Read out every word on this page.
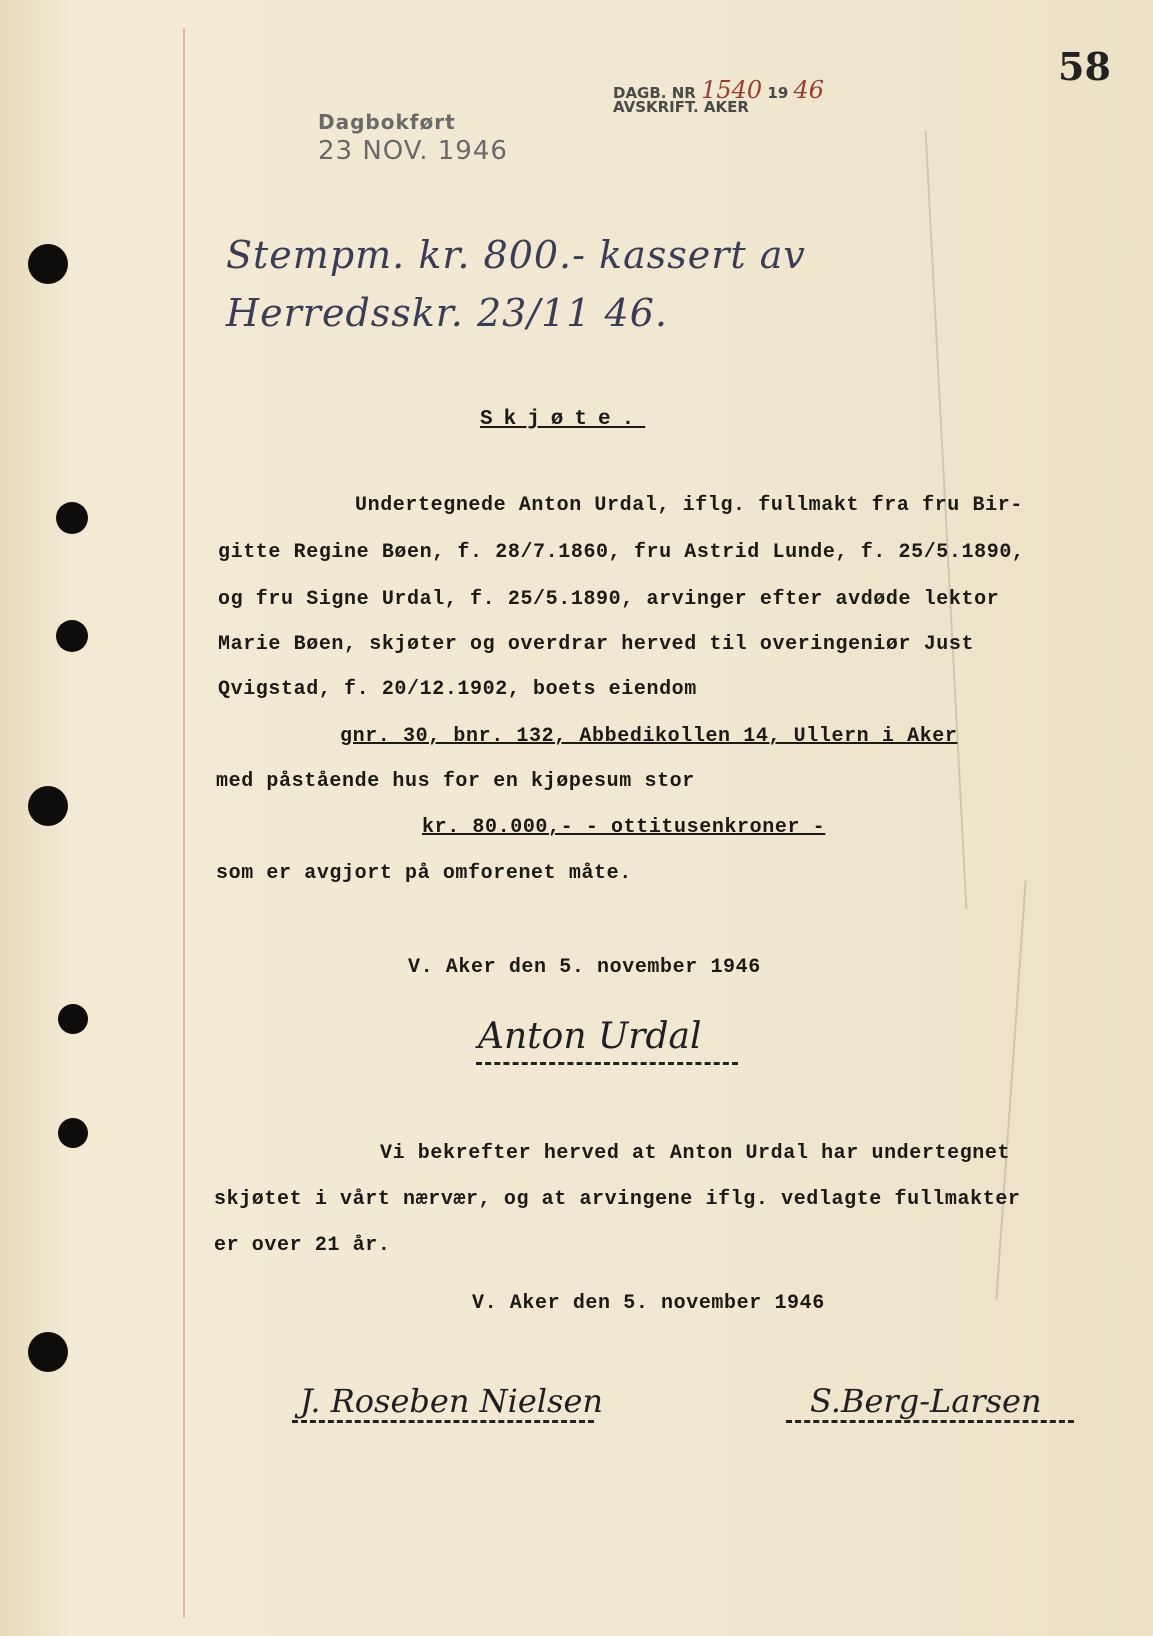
58
Dagbokført
23 NOV. 1946
DAGB. NR 1540 19 46
AVSKRIFT. AKER
Stempm. kr. 800.- kassert av
Herredsskr. 23/11 46.
Skjøte.
Undertegnede Anton Urdal, iflg. fullmakt fra fru Bir-
gitte Regine Bøen, f. 28/7.1860, fru Astrid Lunde, f. 25/5.1890,
og fru Signe Urdal, f. 25/5.1890, arvinger efter avdøde lektor
Marie Bøen, skjøter og overdrar herved til overingeniør Just
Qvigstad, f. 20/12.1902, boets eiendom
gnr. 30, bnr. 132, Abbedikollen 14, Ullern i Aker
med påstående hus for en kjøpesum stor
kr. 80.000,- - ottitusenkroner -
som er avgjort på omforenet måte.
V. Aker den 5. november 1946
Anton Urdal
Vi bekrefter herved at Anton Urdal har undertegnet
skjøtet i vårt nærvær, og at arvingene iflg. vedlagte fullmakter
er over 21 år.
V. Aker den 5. november 1946
J. Roseben Nielsen	S.Berg-Larsen
